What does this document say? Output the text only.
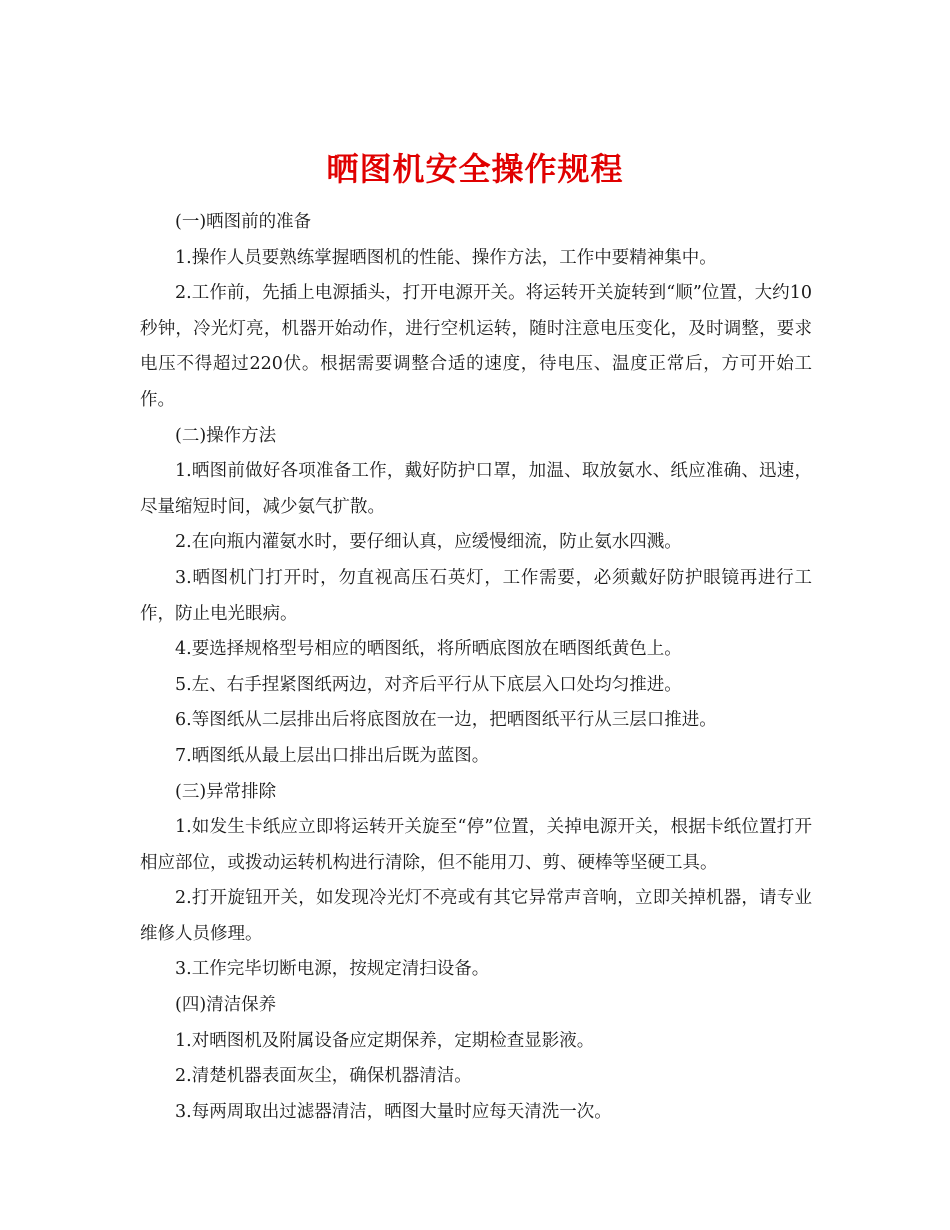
晒图机安全操作规程

(一)晒图前的准备

1.操作人员要熟练掌握晒图机的性能、操作方法，工作中要精神集中。

2.工作前，先插上电源插头，打开电源开关。将运转开关旋转到“顺”位置，大约10秒钟，冷光灯亮，机器开始动作，进行空机运转，随时注意电压变化，及时调整，要求电压不得超过220伏。根据需要调整合适的速度，待电压、温度正常后，方可开始工作。

(二)操作方法

1.晒图前做好各项准备工作，戴好防护口罩，加温、取放氨水、纸应准确、迅速，尽量缩短时间，减少氨气扩散。

2.在向瓶内灌氨水时，要仔细认真，应缓慢细流，防止氨水四溅。

3.晒图机门打开时，勿直视高压石英灯，工作需要，必须戴好防护眼镜再进行工作，防止电光眼病。

4.要选择规格型号相应的晒图纸，将所晒底图放在晒图纸黄色上。

5.左、右手捏紧图纸两边，对齐后平行从下底层入口处均匀推进。

6.等图纸从二层排出后将底图放在一边，把晒图纸平行从三层口推进。

7.晒图纸从最上层出口排出后既为蓝图。

(三)异常排除

1.如发生卡纸应立即将运转开关旋至“停”位置，关掉电源开关，根据卡纸位置打开相应部位，或拨动运转机构进行清除，但不能用刀、剪、硬棒等坚硬工具。

2.打开旋钮开关，如发现冷光灯不亮或有其它异常声音响，立即关掉机器，请专业维修人员修理。

3.工作完毕切断电源，按规定清扫设备。

(四)清洁保养

1.对晒图机及附属设备应定期保养，定期检查显影液。

2.清楚机器表面灰尘，确保机器清洁。

3.每两周取出过滤器清洁，晒图大量时应每天清洗一次。
